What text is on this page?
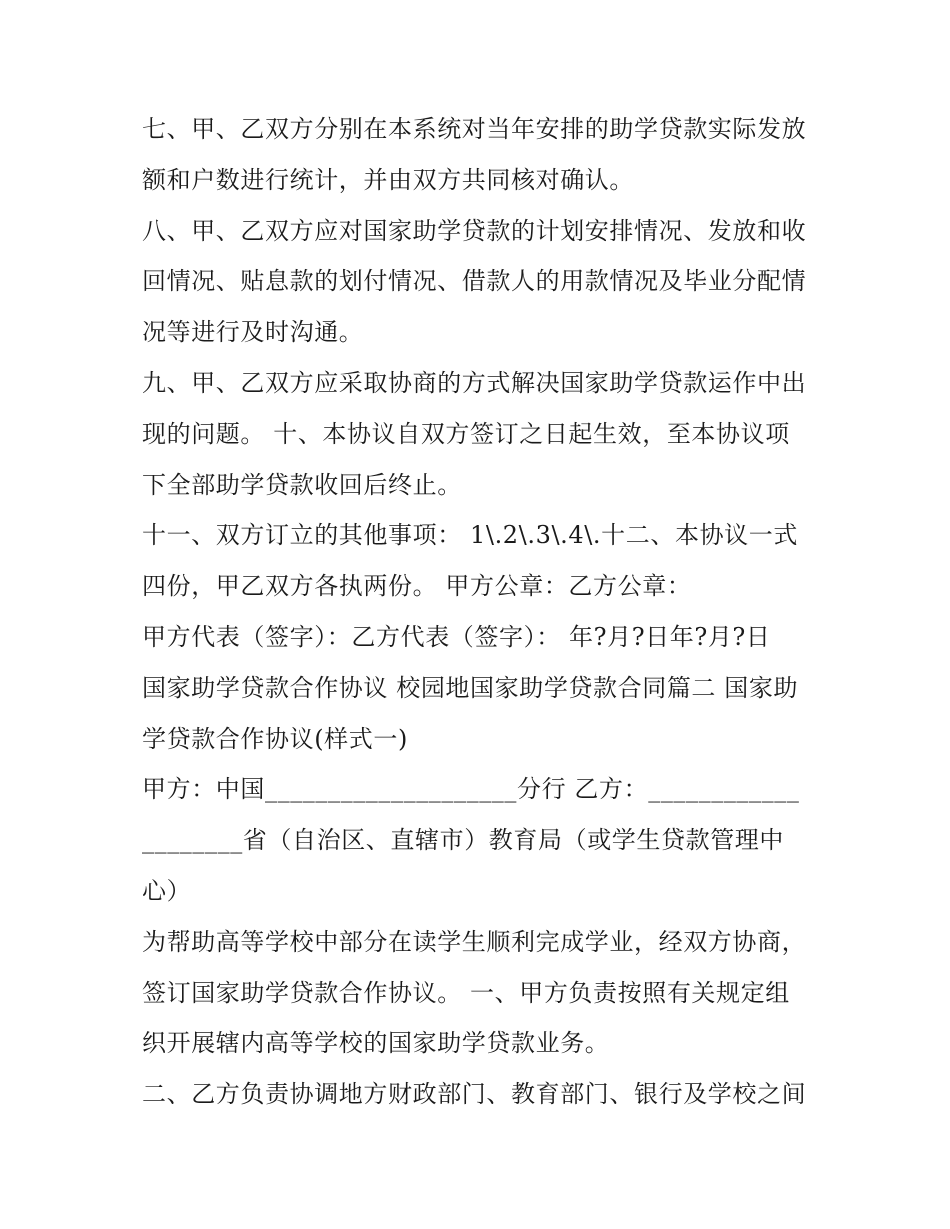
七、甲、乙双方分别在本系统对当年安排的助学贷款实际发放
额和户数进行统计，并由双方共同核对确认。
八、甲、乙双方应对国家助学贷款的计划安排情况、发放和收
回情况、贴息款的划付情况、借款人的用款情况及毕业分配情
况等进行及时沟通。
九、甲、乙双方应采取协商的方式解决国家助学贷款运作中出
现的问题。 十、本协议自双方签订之日起生效，至本协议项
下全部助学贷款收回后终止。
十一、双方订立的其他事项： 1\.2\.3\.4\.十二、本协议一式
四份，甲乙双方各执两份。 甲方公章：乙方公章：
甲方代表（签字）：乙方代表（签字）： 年?月?日年?月?日
国家助学贷款合作协议 校园地国家助学贷款合同篇二 国家助
学贷款合作协议(样式一)
甲方：中国____________________分行 乙方：____________
________省（自治区、直辖市）教育局（或学生贷款管理中
心）
为帮助高等学校中部分在读学生顺利完成学业，经双方协商，
签订国家助学贷款合作协议。 一、甲方负责按照有关规定组
织开展辖内高等学校的国家助学贷款业务。
二、乙方负责协调地方财政部门、教育部门、银行及学校之间
